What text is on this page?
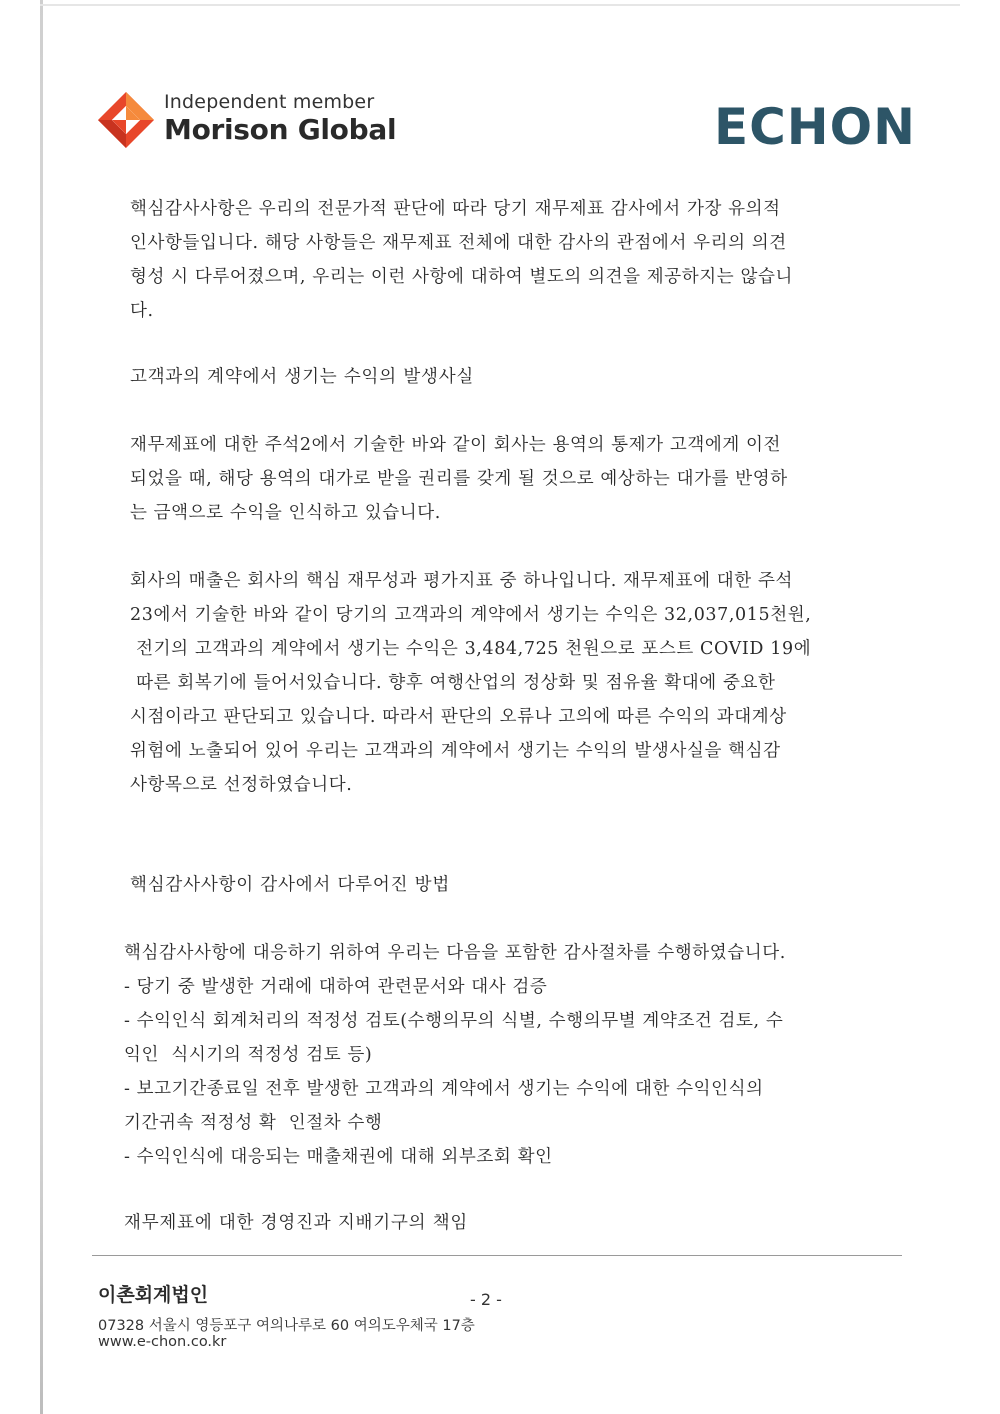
Independent member
Morison Global	ECHON

핵심감사사항은 우리의 전문가적 판단에 따라 당기 재무제표 감사에서 가장 유의적

인사항들입니다. 해당 사항들은 재무제표 전체에 대한 감사의 관점에서 우리의 의견

형성 시 다루어졌으며, 우리는 이런 사항에 대하여 별도의 의견을 제공하지는 않습니

다.

고객과의 계약에서 생기는 수익의 발생사실

재무제표에 대한 주석2에서 기술한 바와 같이 회사는 용역의 통제가 고객에게 이전

되었을 때, 해당 용역의 대가로 받을 권리를 갖게 될 것으로 예상하는 대가를 반영하

는 금액으로 수익을 인식하고 있습니다.

회사의 매출은 회사의 핵심 재무성과 평가지표 중 하나입니다. 재무제표에 대한 주석

23에서 기술한 바와 같이 당기의 고객과의 계약에서 생기는 수익은 32,037,015천원,

전기의 고객과의 계약에서 생기는 수익은 3,484,725 천원으로 포스트 COVID 19에

따른 회복기에 들어서있습니다. 향후 여행산업의 정상화 및 점유율 확대에 중요한

시점이라고 판단되고 있습니다. 따라서 판단의 오류나 고의에 따른 수익의 과대계상

위험에 노출되어 있어 우리는 고객과의 계약에서 생기는 수익의 발생사실을 핵심감

사항목으로 선정하였습니다.

핵심감사사항이 감사에서 다루어진 방법

핵심감사사항에 대응하기 위하여 우리는 다음을 포함한 감사절차를 수행하였습니다.

- 당기 중 발생한 거래에 대하여 관련문서와 대사 검증

- 수익인식 회계처리의 적정성 검토(수행의무의 식별, 수행의무별 계약조건 검토, 수

익인  식시기의 적정성 검토 등)

- 보고기간종료일 전후 발생한 고객과의 계약에서 생기는 수익에 대한 수익인식의

기간귀속 적정성 확  인절차 수행

- 수익인식에 대응되는 매출채권에 대해 외부조회 확인

재무제표에 대한 경영진과 지배기구의 책임

이촌회계법인	- 2 -
07328 서울시 영등포구 여의나루로 60 여의도우체국 17층
www.e-chon.co.kr
